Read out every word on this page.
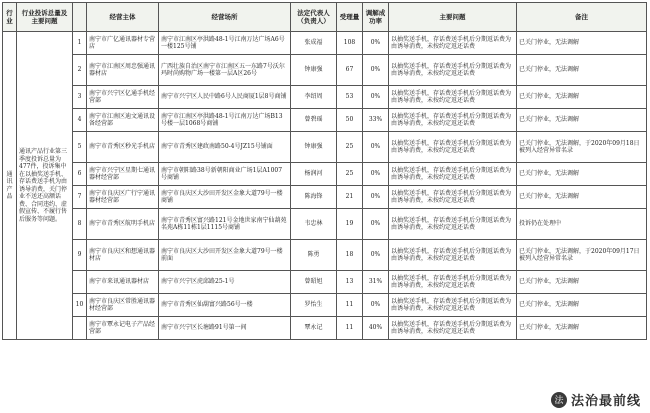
行业	行业投诉总量及主要问题		经营主体	经营场所	法定代表人（负责人）	受理量	调解成功率	主要问题	备注
通讯产品	通讯产品行业第三季度投诉总量为477件，投诉集中在以抽奖送手机、存话费送手机为由诱导消费，关门停业不送还高额话费、合同违约、虚假宣传、不履行售后服务等问题。	1	南宁市广亿通讯器材专营店	南宁市江南区亭洪路48-1号江南万达广场A6号一楼125号铺	张成福	108	0%	以抽奖送手机，存话费送手机后分期返话费为由诱导消费，未按约定返还话费	已关门停业，无法调解
		2	南宁市江南区周忠强通讯器材店	广西壮族自治区南宁市江南区五一东路7号沃尔玛时尚购物广场一楼第一层A区26号	钟康强	67	0%	以抽奖送手机，存话费送手机后分期返话费为由诱导消费，未按约定返还话费	已关门停业，无法调解
		3	南宁市兴宁区亿通手机经营部	南宁市兴宁区人民中路6号人民商厦1层8号商铺	李绍周	53	0%	以抽奖送手机，存话费送手机后分期返话费为由诱导消费，未按约定返还话费	已关门停业，无法调解
		4	南宁市江南区迪文通讯设备经营部	南宁市江南区亭洪路48-1号江南万达广场B13号楼一层1068号商铺	曾碧瑶	50	33%	以抽奖送手机，存话费送手机后分期返话费为由诱导消费，未按约定返还话费	已关门停业，无法调解
		5	南宁市青秀区秒光手机店	南宁市青秀区建政南路50-4号JZ15号铺面	钟康强	25	0%	以抽奖送手机，存话费送手机后分期返话费为由诱导消费，未按约定返还话费	已关门停业，无法调解，于2020年09月18日被列入经营异常名录
		6	南宁市兴宁区星期七通讯器材经营部	南宁市朝阳路38号新朝阳商业广场1层A1007号商铺	杨润河	25	0%	以抽奖送手机，存话费送手机后分期返话费为由诱导消费，未按约定返还话费	已关门停业，无法调解
		7	南宁市良庆区广行宁通讯器材经营部	南宁市良庆区大沙田开发区金象大道79号一楼商铺	陈海锋	21	0%	以抽奖送手机，存话费送手机后分期返话费为由诱导消费，未按约定返还话费	已关门停业，无法调解
		8	南宁市青秀区航明手机店	南宁市青秀区富兴路121号金地世家南宁仙葫苑名苑A栋11栋1层1115号商铺	韦忠林	19	0%	以抽奖送手机，存话费送手机后分期返话费为由诱导消费，未按约定返还话费	投诉仍在处理中
		9	南宁市良庆区和想通讯器材店	南宁市良庆区大沙田开发区金象大道79号一楼前面	陈勇	18	0%	以抽奖送手机，存话费送手机后分期返话费为由诱导消费，未按约定返还话费	已关门停业，无法调解，于2020年09月17日被列入经营异常名录
			南宁市来讯通讯器材店	南宁市兴宁区虎邱路25-1号	曾昭旭	13	31%	以抽奖送手机，存话费送手机后分期返话费为由诱导消费，未按约定返还话费	已关门停业，无法调解
		10	南宁市良庆区常胜通讯器材经营部	南宁市青秀区仙葫富兴路56号一楼	罗怡生	11	0%	以抽奖送手机，存话费送手机后分期返话费为由诱导消费，未按约定返还话费	已关门停业，无法调解
			南宁市覃永记电子产品经营部	南宁市兴宁区长塘路91号第一间	覃永记	11	40%	以抽奖送手机，存话费送手机后分期返话费为由诱导消费，未按约定返还话费	已关门停业，无法调解
法 法治最前线
